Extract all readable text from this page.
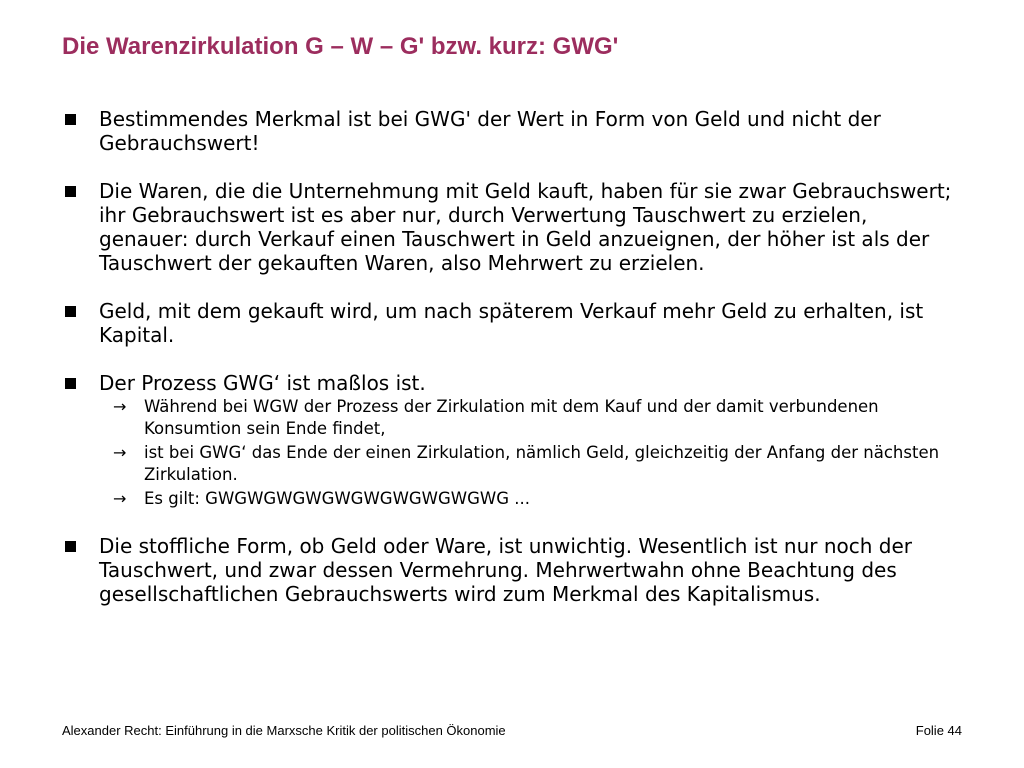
Die Warenzirkulation G – W – G' bzw. kurz: GWG'
Bestimmendes Merkmal ist bei GWG' der Wert in Form von Geld und nicht der Gebrauchswert!
Die Waren, die die Unternehmung mit Geld kauft, haben für sie zwar Gebrauchswert; ihr Gebrauchswert ist es aber nur, durch Verwertung Tauschwert zu erzielen, genauer: durch Verkauf einen Tauschwert in Geld anzueignen, der höher ist als der Tauschwert der gekauften Waren, also Mehrwert zu erzielen.
Geld, mit dem gekauft wird, um nach späterem Verkauf mehr Geld zu erhalten, ist Kapital.
Der Prozess GWG‘ ist maßlos ist.
→ Während bei WGW der Prozess der Zirkulation mit dem Kauf und der damit verbundenen Konsumtion sein Ende findet,
→ ist bei GWG‘ das Ende der einen Zirkulation, nämlich Geld, gleichzeitig der Anfang der nächsten Zirkulation.
→ Es gilt: GWGWGWGWGWGWGWGWGWGWG ...
Die stoffliche Form, ob Geld oder Ware, ist unwichtig. Wesentlich ist nur noch der Tauschwert, und zwar dessen Vermehrung. Mehrwertwahn ohne Beachtung des gesellschaftlichen Gebrauchswerts wird zum Merkmal des Kapitalismus.
Alexander Recht: Einführung in die Marxsche Kritik der politischen Ökonomie	Folie 44
